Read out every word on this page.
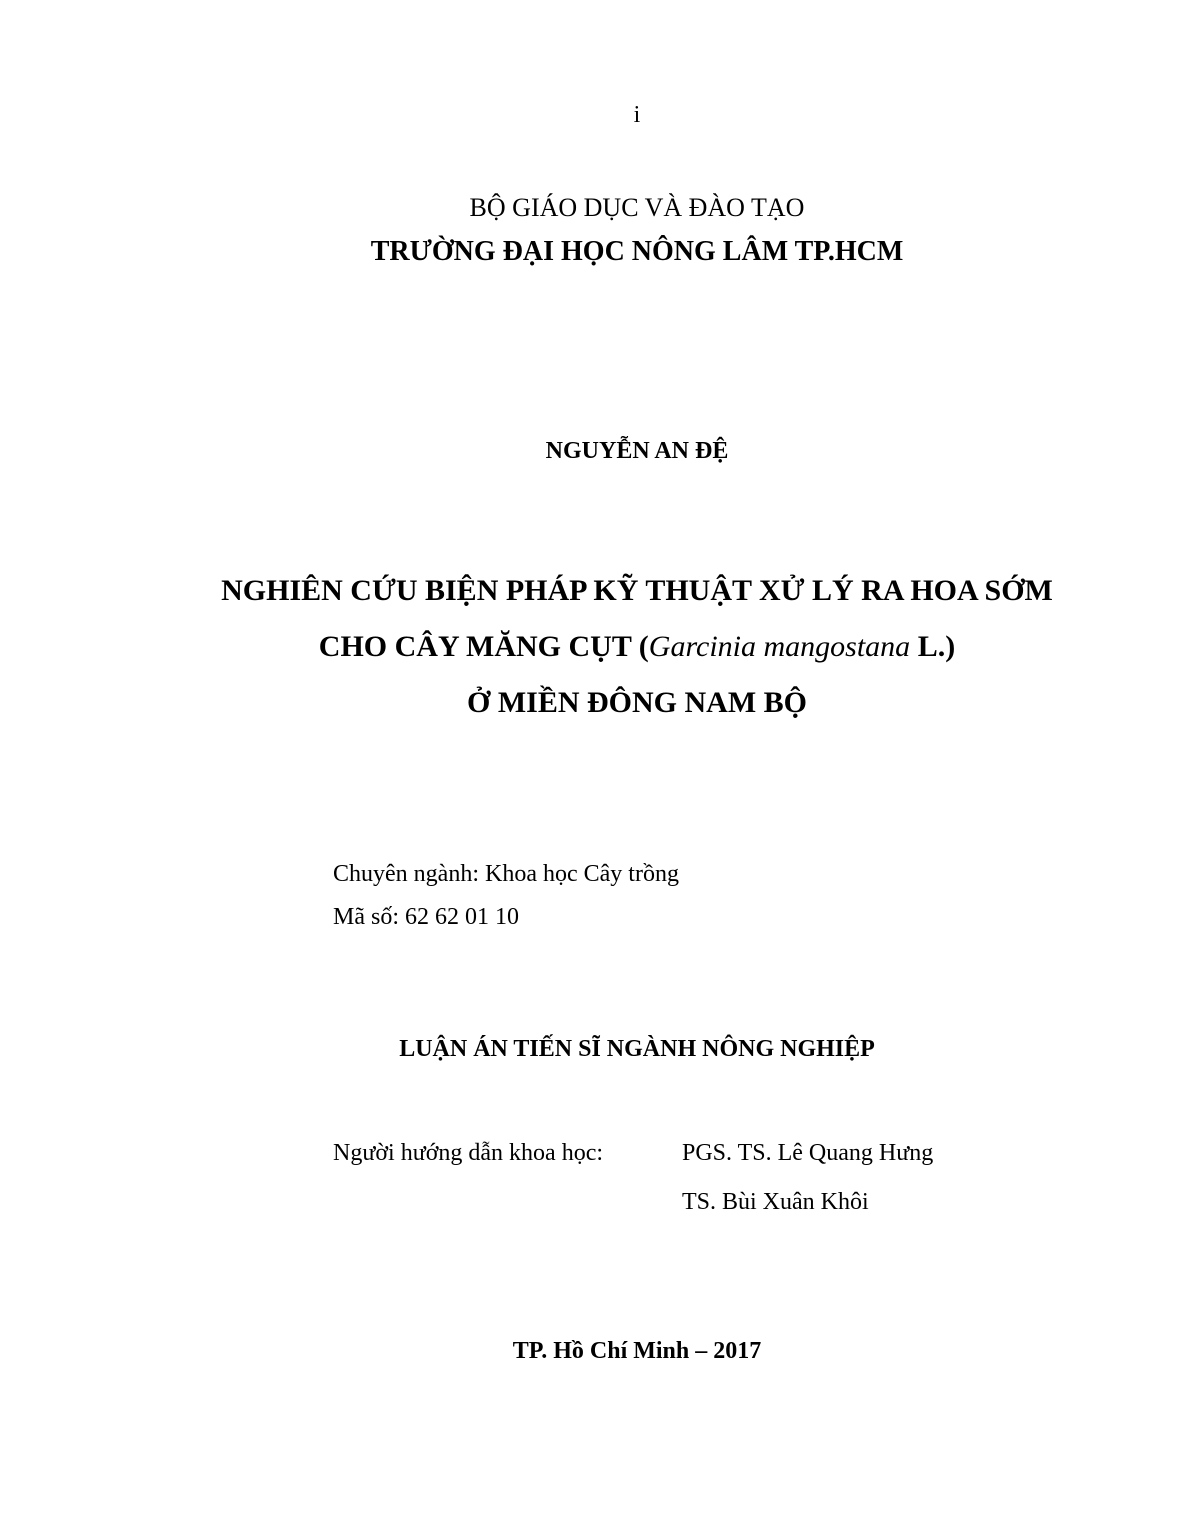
i
BỘ GIÁO DỤC VÀ ĐÀO TẠO
TRƯỜNG ĐẠI HỌC NÔNG LÂM TP.HCM
NGUYỄN AN ĐỆ
NGHIÊN CỨU BIỆN PHÁP KỸ THUẬT XỬ LÝ RA HOA SỚM
CHO CÂY MĂNG CỤT (Garcinia mangostana L.)
Ở MIỀN ĐÔNG NAM BỘ
Chuyên ngành: Khoa học Cây trồng
Mã số: 62 62 01 10
LUẬN ÁN TIẾN SĨ NGÀNH NÔNG NGHIỆP
Người hướng dẫn khoa học:	PGS. TS. Lê Quang Hưng
TS. Bùi Xuân Khôi
TP. Hồ Chí Minh – 2017
